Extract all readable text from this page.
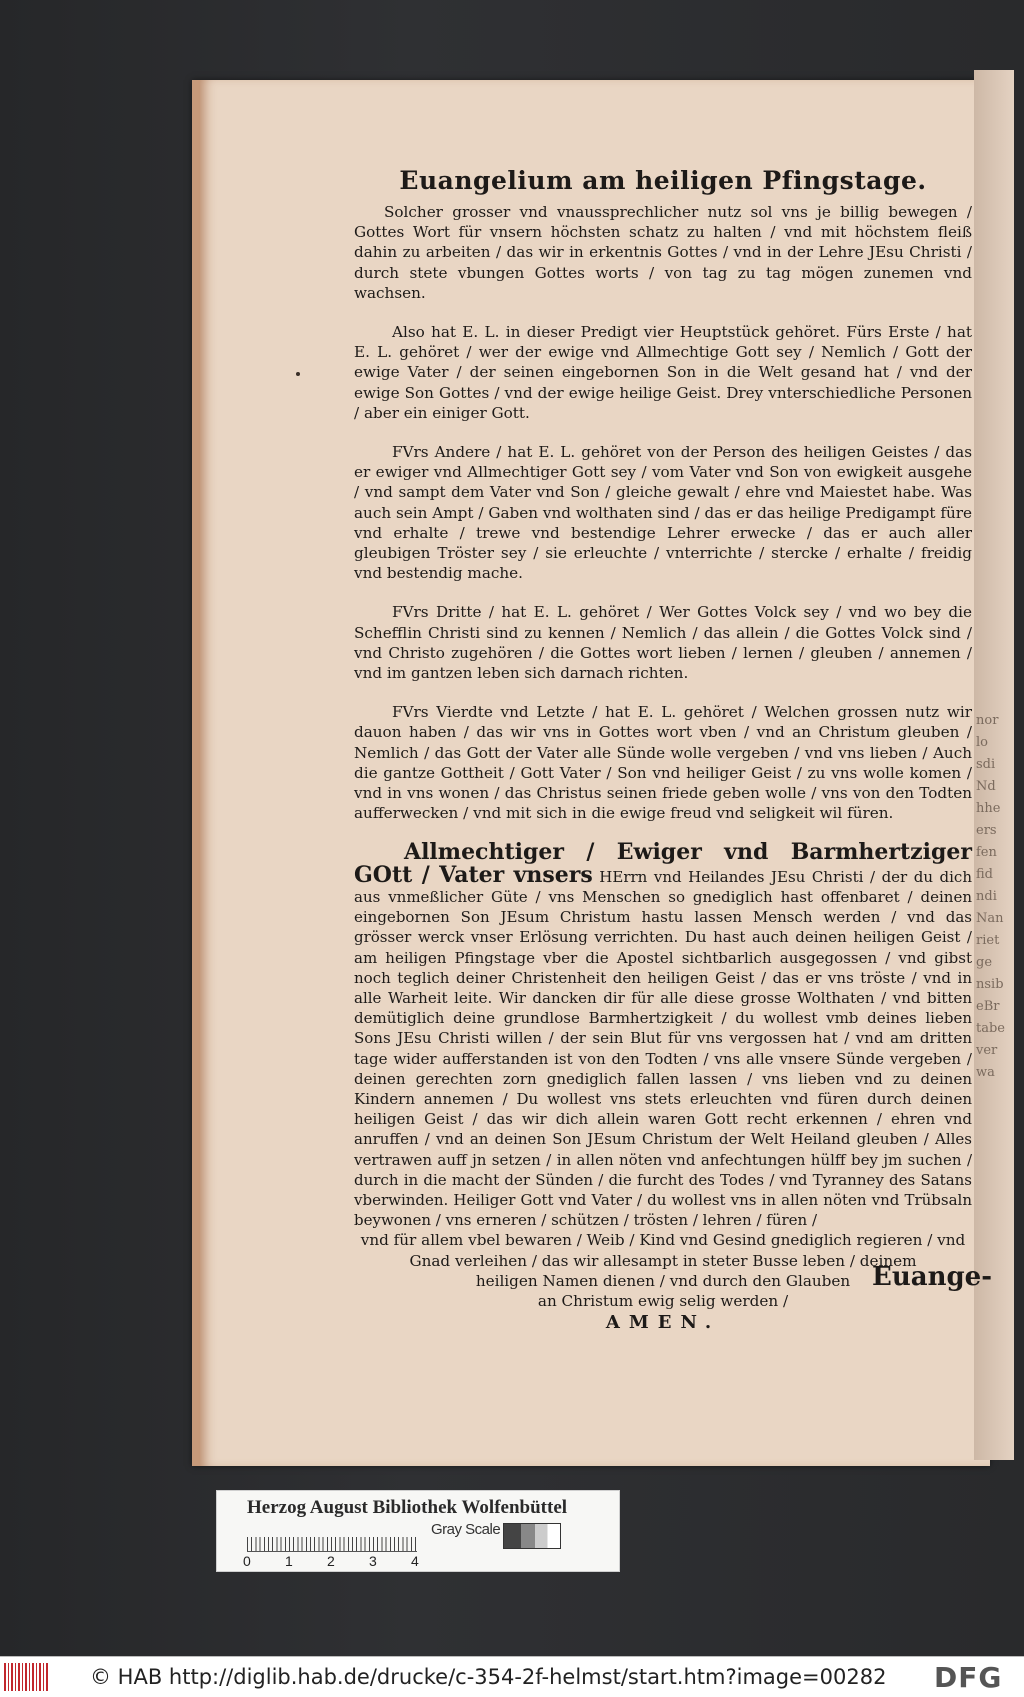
nor
lo
sdi
Nd
hhe
ers
fen
fid
ndi
Nan
riet
ge
nsib
eBr
tabe
ver
wa
Euangelium am heiligen Pfingstage.

Solcher grosser vnd vnaussprechlicher nutz sol vns je billig bewegen / Gottes Wort für vnsern höchsten schatz zu halten / vnd mit höchstem fleiß dahin zu arbeiten / das wir in erkentnis Gottes / vnd in der Lehre JEsu Christi / durch stete vbungen Gottes worts / von tag zu tag mögen zunemen vnd wachsen.

Also hat E. L. in dieser Predigt vier Heuptstück gehöret. Fürs Erste / hat E. L. gehöret / wer der ewige vnd Allmechtige Gott sey / Nemlich / Gott der ewige Vater / der seinen eingebornen Son in die Welt gesand hat / vnd der ewige Son Gottes / vnd der ewige heilige Geist. Drey vnterschiedliche Personen / aber ein einiger Gott.

FVrs Andere / hat E. L. gehöret von der Person des heiligen Geistes / das er ewiger vnd Allmechtiger Gott sey / vom Vater vnd Son von ewigkeit ausgehe / vnd sampt dem Vater vnd Son / gleiche gewalt / ehre vnd Maiestet habe. Was auch sein Ampt / Gaben vnd wolthaten sind / das er das heilige Predigampt füre vnd erhalte / trewe vnd bestendige Lehrer erwecke / das er auch aller gleubigen Tröster sey / sie erleuchte / vnterrichte / stercke / erhalte / freidig vnd bestendig mache.

FVrs Dritte / hat E. L. gehöret / Wer Gottes Volck sey / vnd wo bey die Schefflin Christi sind zu kennen / Nemlich / das allein / die Gottes Volck sind / vnd Christo zugehören / die Gottes wort lieben / lernen / gleuben / annemen / vnd im gantzen leben sich darnach richten.

FVrs Vierdte vnd Letzte / hat E. L. gehöret / Welchen grossen nutz wir dauon haben / das wir vns in Gottes wort vben / vnd an Christum gleuben / Nemlich / das Gott der Vater alle Sünde wolle vergeben / vnd vns lieben / Auch die gantze Gottheit / Gott Vater / Son vnd heiliger Geist / zu vns wolle komen / vnd in vns wonen / das Christus seinen friede geben wolle / vns von den Todten aufferwecken / vnd mit sich in die ewige freud vnd seligkeit wil füren.

Allmechtiger / Ewiger vnd Barmhertziger GOtt / Vater vnsers HErrn vnd Heilandes JEsu Christi / der du dich aus vnmeßlicher Güte / vns Menschen so gnediglich hast offenbaret / deinen eingebornen Son JEsum Christum hastu lassen Mensch werden / vnd das grösser werck vnser Erlösung verrichten. Du hast auch deinen heiligen Geist / am heiligen Pfingstage vber die Apostel sichtbarlich ausgegossen / vnd gibst noch teglich deiner Christenheit den heiligen Geist / das er vns tröste / vnd in alle Warheit leite. Wir dancken dir für alle diese grosse Wolthaten / vnd bitten demütiglich deine grundlose Barmhertzigkeit / du wollest vmb deines lieben Sons JEsu Christi willen / der sein Blut für vns vergossen hat / vnd am dritten tage wider aufferstanden ist von den Todten / vns alle vnsere Sünde vergeben / deinen gerechten zorn gnediglich fallen lassen / vns lieben vnd zu deinen Kindern annemen / Du wollest vns stets erleuchten vnd füren durch deinen heiligen Geist / das wir dich allein waren Gott recht erkennen / ehren vnd anruffen / vnd an deinen Son JEsum Christum der Welt Heiland gleuben / Alles vertrawen auff jn setzen / in allen nöten vnd anfechtungen hülff bey jm suchen / durch in die macht der Sünden / die furcht des Todes / vnd Tyranney des Satans vberwinden. Heiliger Gott vnd Vater / du wollest vns in allen nöten vnd Trübsaln beywonen / vns erneren / schützen / trösten / lehren / füren /

vnd für allem vbel bewaren / Weib / Kind vnd Gesind gnediglich regieren / vnd

Gnad verleihen / das wir allesampt in steter Busse leben / deinem

heiligen Namen dienen / vnd durch den Glauben

an Christum ewig selig werden /

AMEN.

Euange-
Herzog August Bibliothek Wolfenbüttel
0 1 2 3 4
Gray Scale
© HAB http://diglib.hab.de/drucke/c-354-2f-helmst/start.htm?image=00282 DFG
